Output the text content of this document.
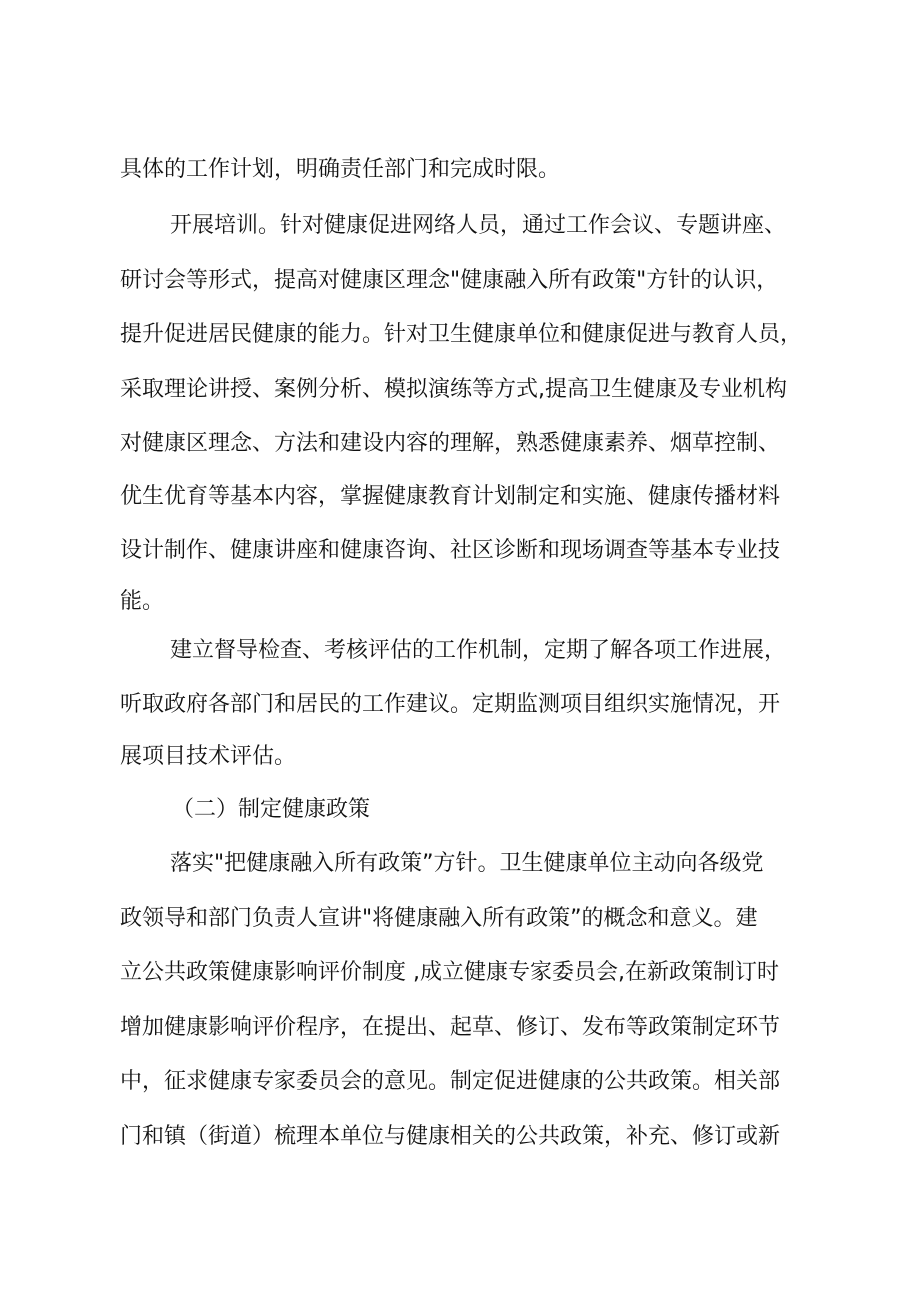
具体的工作计划，明确责任部门和完成时限。
开展培训。针对健康促进网络人员，通过工作会议、专题讲座、
研讨会等形式，提高对健康区理念"健康融入所有政策"方针的认识，
提升促进居民健康的能力。针对卫生健康单位和健康促进与教育人员，
采取理论讲授、案例分析、模拟演练等方式,提高卫生健康及专业机构
对健康区理念、方法和建设内容的理解，熟悉健康素养、烟草控制、
优生优育等基本内容，掌握健康教育计划制定和实施、健康传播材料
设计制作、健康讲座和健康咨询、社区诊断和现场调查等基本专业技
能。
建立督导检查、考核评估的工作机制，定期了解各项工作进展，
听取政府各部门和居民的工作建议。定期监测项目组织实施情况，开
展项目技术评估。
（二）制定健康政策
落实"把健康融入所有政策”方针。卫生健康单位主动向各级党
政领导和部门负责人宣讲"将健康融入所有政策”的概念和意义。建
立公共政策健康影响评价制度 ,成立健康专家委员会,在新政策制订时
增加健康影响评价程序，在提出、起草、修订、发布等政策制定环节
中，征求健康专家委员会的意见。制定促进健康的公共政策。相关部
门和镇（街道）梳理本单位与健康相关的公共政策，补充、修订或新
